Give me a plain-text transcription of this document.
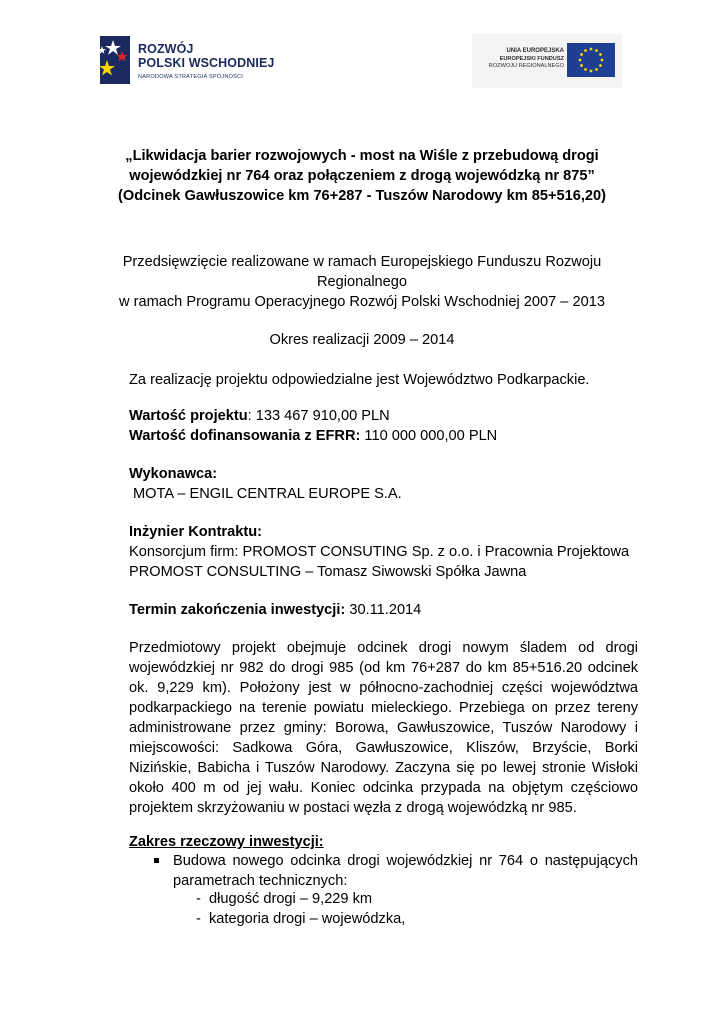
ROZWÓJ
POLSKI WSCHODNIEJ
NARODOWA STRATEGIA SPÓJNOŚCI
UNIA EUROPEJSKA
EUROPEJSKI FUNDUSZ
ROZWOJU REGIONALNEGO
„Likwidacja barier rozwojowych - most na Wiśle z przebudową drogi
wojewódzkiej nr 764 oraz połączeniem z drogą wojewódzką nr 875”
(Odcinek Gawłuszowice km 76+287 - Tuszów Narodowy km 85+516,20)
Przedsięwzięcie realizowane w ramach Europejskiego Funduszu Rozwoju
Regionalnego
w ramach Programu Operacyjnego Rozwój Polski Wschodniej 2007 – 2013
Okres realizacji 2009 – 2014
Za realizację projektu odpowiedzialne jest Województwo Podkarpackie.
Wartość projektu: 133 467 910,00 PLN
Wartość dofinansowania z EFRR: 110 000 000,00 PLN
Wykonawca:
MOTA – ENGIL CENTRAL EUROPE S.A.
Inżynier Kontraktu:
Konsorcjum firm: PROMOST CONSUTING Sp. z o.o. i Pracownia Projektowa
PROMOST CONSULTING – Tomasz Siwowski Spółka Jawna
Termin zakończenia inwestycji: 30.11.2014
Przedmiotowy projekt obejmuje odcinek drogi nowym śladem od drogi wojewódzkiej nr 982 do drogi 985 (od km 76+287 do km 85+516.20 odcinek ok. 9,229 km). Położony jest w północno-zachodniej części województwa podkarpackiego na terenie powiatu mieleckiego. Przebiega on przez tereny administrowane przez gminy: Borowa, Gawłuszowice, Tuszów Narodowy i miejscowości: Sadkowa Góra, Gawłuszowice, Kliszów, Brzyście, Borki Nizińskie, Babicha i Tuszów Narodowy. Zaczyna się po lewej stronie Wisłoki około 400 m od jej wału. Koniec odcinka przypada na objętym częściowo projektem skrzyżowaniu w postaci węzła z drogą wojewódzką nr 985.
Zakres rzeczowy inwestycji:
Budowa nowego odcinka drogi wojewódzkiej nr 764 o następujących parametrach technicznych:
-  długość drogi – 9,229 km
-  kategoria drogi – wojewódzka,
